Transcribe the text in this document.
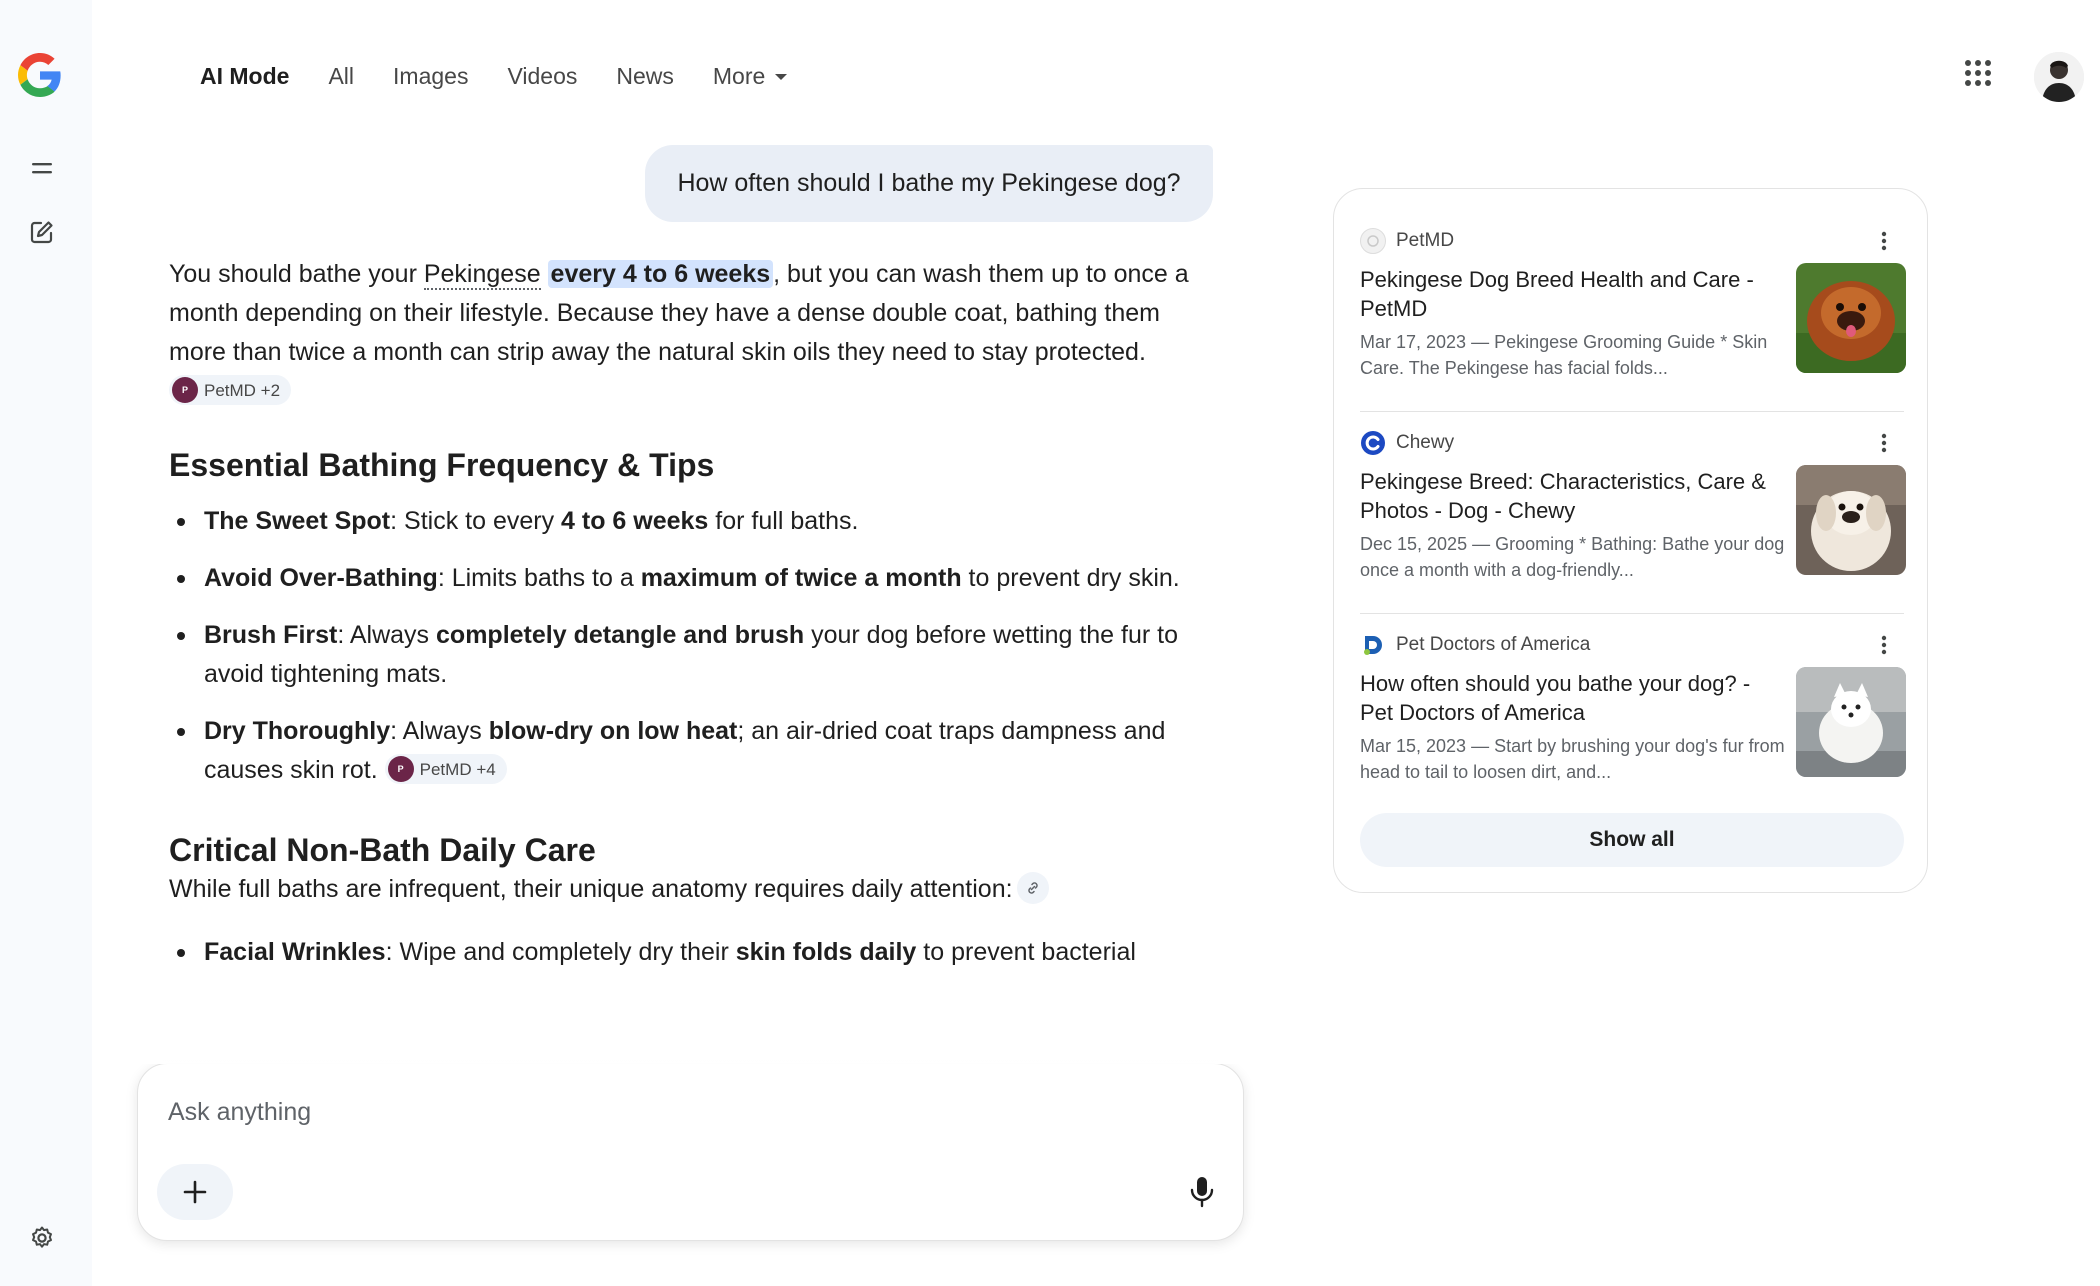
AI Mode All Images Videos News More
How often should I bathe my Pekingese dog?

You should bathe your Pekingese every 4 to 6 weeks , but you can wash them up to once a month depending on their lifestyle. Because they have a dense double coat, bathing them more than twice a month can strip away the natural skin oils they need to stay protected.
P PetMD +2

Essential Bathing Frequency & Tips
The Sweet Spot: Stick to every 4 to 6 weeks for full baths.
Avoid Over-Bathing: Limits baths to a maximum of twice a month to prevent dry skin.
Brush First: Always completely detangle and brush your dog before wetting the fur to avoid tightening mats.
Dry Thoroughly: Always blow-dry on low heat; an air-dried coat traps dampness and causes skin rot.	P PetMD +4
Critical Non-Bath Daily Care

While full baths are infrequent, their unique anatomy requires daily attention:

Facial Wrinkles: Wipe and completely dry their skin folds daily to prevent bacterial
Ask anything
PetMD
Pekingese Dog Breed Health and Care - PetMD
Mar 17, 2023 — Pekingese Grooming Guide * Skin Care. The Pekingese has facial folds...
Chewy
Pekingese Breed: Characteristics, Care & Photos - Dog - Chewy
Dec 15, 2025 — Grooming * Bathing: Bathe your dog once a month with a dog-friendly...
Pet Doctors of America
How often should you bathe your dog? - Pet Doctors of America
Mar 15, 2023 — Start by brushing your dog's fur from head to tail to loosen dirt, and...
Show all
